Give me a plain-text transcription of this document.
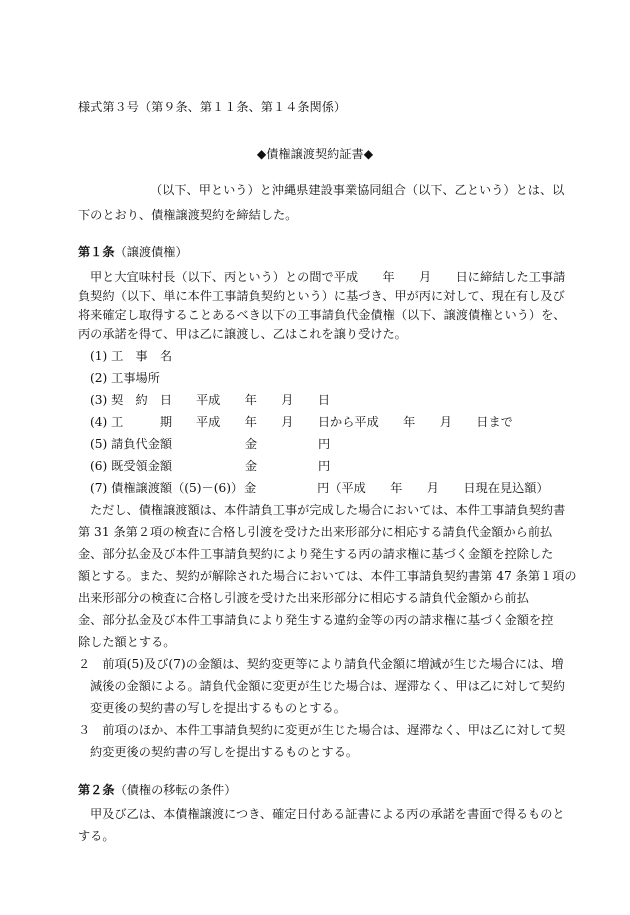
様式第３号（第９条、第１１条、第１４条関係）
◆債権譲渡契約証書◆
（以下、甲という）と沖縄県建設事業協同組合（以下、乙という）とは、以
下のとおり、債権譲渡契約を締結した。
第１条（譲渡債権）
甲と大宜味村長（以下、丙という）との間で平成　　年　　月　　日に締結した工事請
負契約（以下、単に本件工事請負契約という）に基づき、甲が丙に対して、現在有し及び
将来確定し取得することあるべき以下の工事請負代金債権（以下、譲渡債権という）を、
丙の承諾を得て、甲は乙に譲渡し、乙はこれを譲り受けた。
(1) 工　事　名
(2) 工事場所
(3) 契　約　日 平成　　年　　月　　日
(4) 工　　　期 平成　　年　　月　　日から平成　　年　　月　　日まで
(5) 請負代金額 　　　　　金　　　　　円
(6) 既受領金額 　　　　　金　　　　　円
(7) 債権譲渡額（(5)－(6)） 金　　　　　円（平成　　年　　月　　日現在見込額）
ただし、債権譲渡額は、本件請負工事が完成した場合においては、本件工事請負契約書
第 31 条第２項の検査に合格し引渡を受けた出来形部分に相応する請負代金額から前払
金、部分払金及び本件工事請負契約により発生する丙の請求権に基づく金額を控除した
額とする。また、契約が解除された場合においては、本件工事請負契約書第 47 条第１項の
出来形部分の検査に合格し引渡を受けた出来形部分に相応する請負代金額から前払
金、部分払金及び本件工事請負により発生する違約金等の丙の請求権に基づく金額を控
除した額とする。
２　前項(5)及び(7)の金額は、契約変更等により請負代金額に増減が生じた場合には、増
減後の金額による。請負代金額に変更が生じた場合は、遅滞なく、甲は乙に対して契約
変更後の契約書の写しを提出するものとする。
３　前項のほか、本件工事請負契約に変更が生じた場合は、遅滞なく、甲は乙に対して契
約変更後の契約書の写しを提出するものとする。
第２条（債権の移転の条件）
甲及び乙は、本債権譲渡につき、確定日付ある証書による丙の承諾を書面で得るものと
する。
